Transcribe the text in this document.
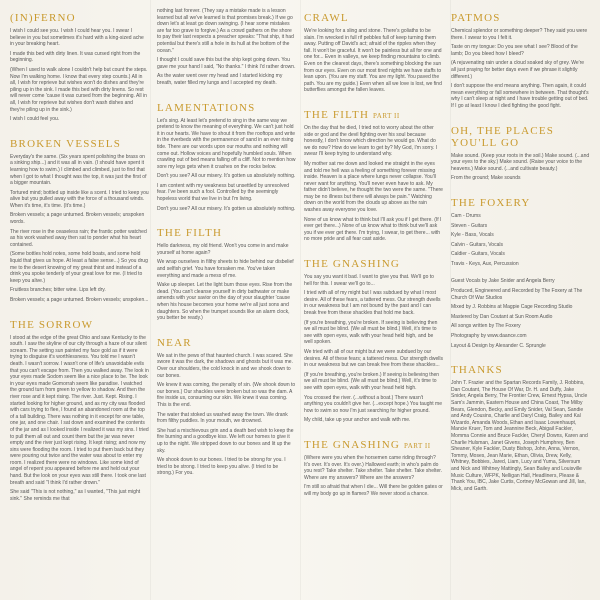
(IN)FERNO

I wish I could see you. I wish I could hear you. I swear I believe in you but sometimes it's hard with a king-sized ache in your breaking heart.

I made this bed with dirty linen. It was cursed right from the beginning.

(When I used to walk alone I couldn't help but count the steps. Now I'm walking home. I know that every step counts.) All in all, I wish for reprieve but wishes won't do dishes and they're piling up in the sink. I made this bed with dirty linens. So rest will never come 'cause it was cursed from the beginning. All in all, I wish for reprieve but wishes don't wash dishes and they're piling up in the sink.)

I wish I could feel you.

BROKEN VESSELS

Everyday's the same. (Six years spent polishing the brass on a sinking ship...) and it was all in vain. (I should have spent it learning how to swim.) I climbed and climbed, just to find that when I got to what I thought was the top, it was just the first of a bigger mountain.

Tortured mind; bottled up inside like a scent. I tried to keep you alive but you pulled away with the force of a thousand winds. When it's time, it's time. (It's time.)

Broken vessels; a page unturned. Broken vessels; unspoken words.

The river rose in the ceaseless rain; the frantic potter watched as his work washed away then sat to ponder what his heart contained.

(Some bottles hold notes, some hold boats, and some hold liquid that gives us hope. At least a false sense...) So you drug me to the desert knowing of my great thirst and instead of a drink you spoke tenderly of your great love for me. (I tried to keep you alive.)

Fruitless branches; bitter wine. Lips left dry.

Broken vessels; a page unturned. Broken vessels; unspoken...

THE SORROW

I stood at the edge of the great Ohio and saw Kentucky to the south. I saw the skyline of our city through a haze of our silent scream. The setting sun painted my face gold as if it were trying to disguise it's worthlessness. You told me I wasn't death. I wasn't sorrow. I wasn't one of life's unavoidable evils that you can't escape from. Then you walked away. The look in your eyes made Sodom seem like a nice place to be. The look in your eyes made Gomorrah seem like paradise. I watched the ground turn from green to yellow to shadow. And then the river rose and it kept rising. The river. Just. Kept. Rising. I started looking for higher ground, and as my city was flooded with cars trying to flee, I found an abandoned room at the top of a tall building. There was nothing in it except for one table, one jar, and one chair. I sat down and examined the contents of the jar and as I looked inside I realized it was my sins. I tried to pull them all out and count them but the jar was never empty and the river just kept rising. It kept rising; and now my sins were flooding the room. I tried to put them back but they were pouring out twice and the water was about to enter my room. I realized there were no windows. Like some kind of angel of repent you appeared before me and held out your hand. But the look on your eyes was still there. I took one last breath and said "I think I'd rather drown."

She said "This is not nothing," as I wanted, "This just might sink." She reminds me that

nothing last forever. (They say a mistake made is a lesson learned but all we've learned is that promises break.) If we go down let's at least go down swinging. (I hear some mistakes are far too grave to forgive.) As a crowd gathers on the shore to pay their last respects a preacher speaks: "That ship, it had potential but there's still a hole in its hull at the bottom of the ocean."

I thought I could save this but the ship kept going down. You gave me your hand I said, "No thanks." I think I'd rather drown.

As the water went over my head and I started kicking my breath, water filled my lungs and I accepted my death.

LAMENTATIONS

Let's sing. At least let's pretend to sing in the same way we pretend to know the meaning of everything. We can't just hold it in our hearts. We have to shout it from the rooftops and write in the riverbeds with the permanence of sand in an ever rising tide. There are our words upon our mouths and nothing will come out. Hollow voices and hopefully humbled souls. When crawling out of bed means falling off a cliff. Not to mention how sore my legs gets when it crashes on the rocks below.

Don't you see? All our misery. It's gotten us absolutely nothing.

I am content with my weakness but unsettled by unresolved fear. I've been such a fool. Controlled by the seemingly hopeless world that we live in but I'm living.

Don't you see? All our misery. It's gotten us absolutely nothing.

THE FILTH

Hello darkness, my old friend. Won't you come in and make yourself at home again?

We wrap ourselves in filthy sheets to hide behind our disbelief and selfish grief. You have forsaken me. You've taken everything and made a mess of me.

Wake up sleeper. Let the light burn those eyes. Rise from the dead. (You can't cleanse yourself in dirty bathwater or make amends with your savior on the day of your slaughter 'cause when his house becomes your home we're all just sons and daughters. So when the trumpet sounds like an alarm clock, you better be ready.)

NEAR

We sat in the pews of that haunted church. I was scared. She swore it was the dark, the shadows and ghosts but it was me. Over our shoulders, the cold knock in and we shook down to our bones.

We knew it was coming, the penalty of sin. (We shook down to our bones.) Our shackles were broken but so was the dam. A fire inside us, consuming our skin. We knew it was coming. This is the end.

The water that stoked us washed away the town. We drank from filthy puddles. In your mouth, we drowned.

She had a mischievous grin and a death bed wish to keep the fire burning and a goodbye kiss. We left our homes to give it up to the night. We stripped down to our bones and lit up the sky.

We shook down to our bones. I tried to be strong for you. I tried to be strong. I tried to keep you alive. (I tried to be strong.) For you.

CRAWL

We're looking for a sling and stone. There's goliaths to be slain. I'm wrecked in full rif pebbles full of keep turning them away. Putting off David's act; afraid of the ripples when they fall. It won't be graceful. It won't be painless but all for one and one for... Even in valleys, we keep finding mountains to climb. Even on the clearest days, there's something blocking the sun from our eyes. Even on our most tired nights we have staffs to lean upon. (You are my staff. You are my light. You paved the path. You are my guide.) Even when all we love is lost, we find butterflies amongst the fallen leaves.

THE FILTH PART II

On the day that he died, I tried not to worry about the other side or god and the devil fighting over his soul because honestly, I don't know which direction he would go. What do we do now? How do we learn to get by? My God, I'm sorry. I swear I'll keep trying to understand why.

My mother sat me down and looked me straight in the eyes and told me hell was a feeling of something forever missing inside. Heaven is a place where lungs never collapse. You'll never want for anything. You'll never even have to ask. My father didn't believe, he thought the two were the same. "There may be no illness but there will always be pain." Watching down on the world from the clouds up above as the rain washes away everyone you love.

None of us know what to think but I'll ask you if I get there. (If I ever get there...) None of us know what to think but we'll ask you if we ever get there. I'm trying, I swear, to get there... with no more pride and all fear cast aside.

THE GNASHING

You say you want it bad. I want to give you that. We'll go to hell for this. I swear we'll go to...

I tried with all of my might but I was subdued by what I most desire. All of these fears, a tattered mess. Our strength dwells in our weakness but I am not bound by the past and I can break free from these shackles that hold me back.

(If you're breathing, you're broken. If seeing is believing then we all must be blind. (We all must be blind.) Well, it's time to see with open eyes, walk with your head held high, and be well spoken.

We tried with all of our might but we were subdued by our desires. All of these fears; a tattered mess. Our strength dwells in our weakness but we can break free from these shackles...

(If you're breathing, you're broken.) If seeing is believing then we all must be blind. (We all must be blind.) Well, it's time to see with open eyes, walk with your head held high.

You crossed the river. (...without a boat.) There wasn't anything you couldn't give her. (...except hope.) You taught me how to swim so now I'm just searching for higher ground.

My child, take up your anchor and walk with me.

THE GNASHING PART II

(Where were you when the horsemen came riding through? It's over. It's over. It's over.) Hallowed earth; in who's palm do you rest? Take shelter. Take shelter. Take shelter. Take shelter. Where are my answers? Where are the answers?

I'm still so afraid that when I die... Will there be golden gates or will my body go up in flames? We never stood a chance.

PATMOS

Chemical splendor or something deeper? They said you were there. I swear to you I felt it.

Taste on my tongue: Do you see what I see? Blood of the lamb; Do you bleed how I bleed?

(A rejuvenating rain under a cloud soaked sky of grey. We're all just praying for better days even if we phrase it slightly different.)

I don't suppose the end means anything. Then again, it could mean everything or fall somewhere in between. That thought's why I can't sleep at night and I have trouble getting out of bed. If I go at least I know I died fighting the good fight.

OH, THE PLACES YOU'LL GO

Make sound. (Keep your roots in the soil.) Make sound. (...and your eyes to the sky.) Make sound. (Raise your voice to the heavens.) Make sound. (...and cultivate beauty.)

From the ground; Make sounds

THE FOXERY

Cam - Drums

Steven - Guitars

Kyle - Bass, Vocals

Calvin - Guitars, Vocals

Caldier - Guitars, Vocals

Travis - Keys, Aux, Percussion

Guest Vocals by Jake Snider and Angela Berry

Produced, Engineered and Recorded by The Foxery at The Church Of War Studios

Mixed by J. Robbins at Magpie Cage Recording Studio

Mastered by Dan Coutant at Sun Room Audio

All songs written by The Foxery

Photography by www.daance.com

Layout & Design by Alexander C. Sprungle

THANKS

John T. Frazier and the Spartan Records Family, J. Robbins, Dan Coutant, The House Of War, Dr. H. and Duffy, Jake Snider, Angela Berry, The Frontier Crew, Ernest Hypsa, Uncle Sam's Jammin, Eastern House and China Coast, The Milby Bears, Glendon, Becky, and Emily Snider, Val Sean, Sandie and Andy Cousins, Charlie and Daryl Craig, Bailey and Kal Wizardo, Amanda Woods, Ethan and Isaac Lowenhaupt, Mancie Kruer, Tom and Jeannine Beck, Abigail Fackler, Momma Connie and Bruce Fackler, Cheryl Downs, Karen and Charlie Hulsman, Janet Givens, Joseph Humphrey, Ben Sheaner, Kyle Fackler, Dusty Bishop, John, Anna, Vernon, Tommy, Moses, Jean Marie, Ethan, Olivia, Drew, Kelly, Whitney, Bobbies, Jared, Liam, Lucy and Yuma, Silversum and Nick and Whitney Mattingly, Sean Bailey and Louisville Music Culture, WFPK, Nelligan Hall, Headliners, Please & Thank You, IBC, Jake Curtis, Cortney McGowan and Jill, Ian, Mick, and Garth.
